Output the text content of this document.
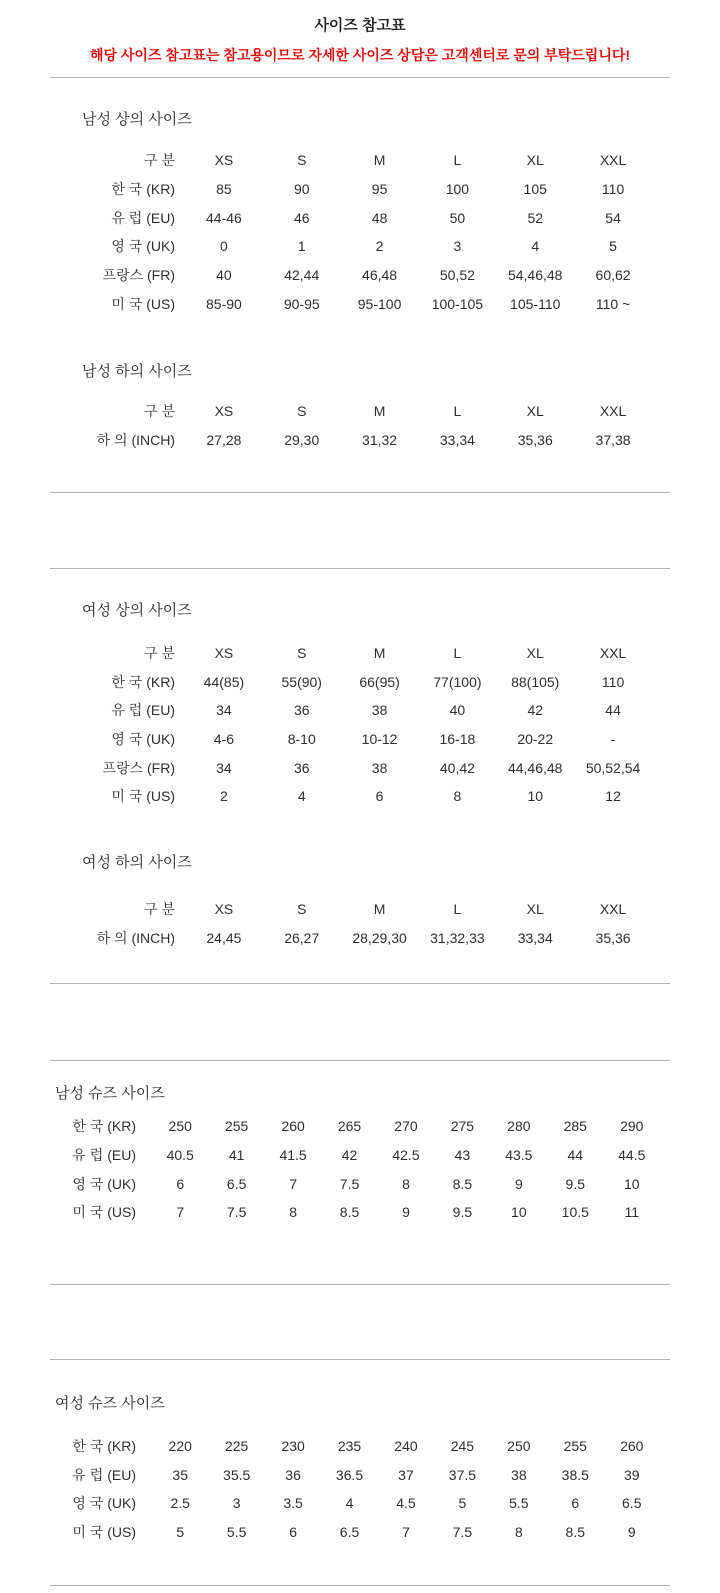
사이즈 참고표
해당 사이즈 참고표는 참고용이므로 자세한 사이즈 상담은 고객센터로 문의 부탁드립니다!
남성 상의 사이즈
구 분	XS	S	M	L	XL	XXL
한 국 (KR)	85	90	95	100	105	110
유 럽 (EU)	44-46	46	48	50	52	54
영 국 (UK)	0	1	2	3	4	5
프랑스 (FR)	40	42,44	46,48	50,52	54,46,48	60,62
미 국 (US)	85-90	90-95	95-100	100-105	105-110	110 ~
남성 하의 사이즈
구 분	XS	S	M	L	XL	XXL
하 의 (INCH)	27,28	29,30	31,32	33,34	35,36	37,38
여성 상의 사이즈
구 분	XS	S	M	L	XL	XXL
한 국 (KR)	44(85)	55(90)	66(95)	77(100)	88(105)	110
유 럽 (EU)	34	36	38	40	42	44
영 국 (UK)	4-6	8-10	10-12	16-18	20-22	-
프랑스 (FR)	34	36	38	40,42	44,46,48	50,52,54
미 국 (US)	2	4	6	8	10	12
여성 하의 사이즈
구 분	XS	S	M	L	XL	XXL
하 의 (INCH)	24,45	26,27	28,29,30	31,32,33	33,34	35,36
남성 슈즈 사이즈
한 국 (KR)	250	255	260	265	270	275	280	285	290
유 럽 (EU)	40.5	41	41.5	42	42.5	43	43.5	44	44.5
영 국 (UK)	6	6.5	7	7.5	8	8.5	9	9.5	10
미 국 (US)	7	7.5	8	8.5	9	9.5	10	10.5	11
여성 슈즈 사이즈
한 국 (KR)	220	225	230	235	240	245	250	255	260
유 럽 (EU)	35	35.5	36	36.5	37	37.5	38	38.5	39
영 국 (UK)	2.5	3	3.5	4	4.5	5	5.5	6	6.5
미 국 (US)	5	5.5	6	6.5	7	7.5	8	8.5	9
